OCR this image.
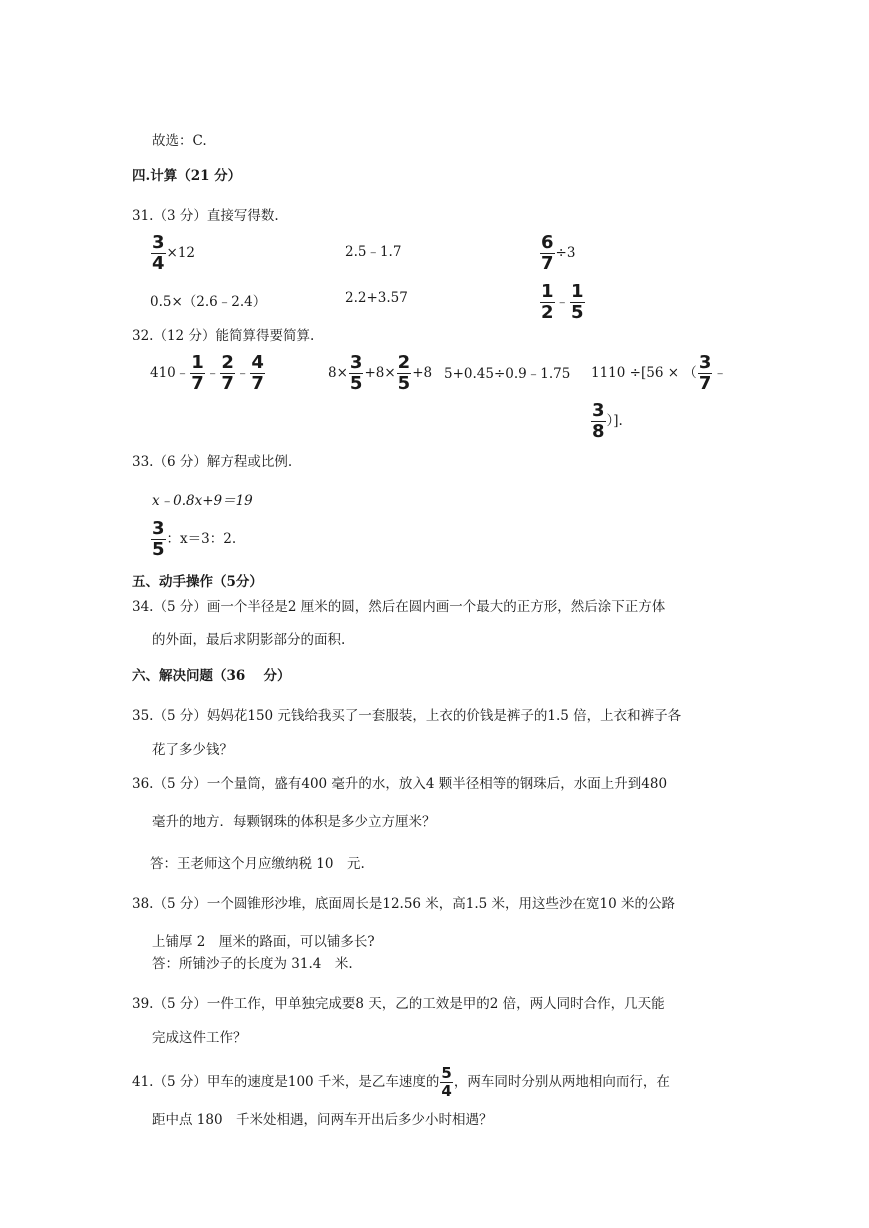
故选：C.
四.计算（21 分）
31.（3 分）直接写得数.
$\frac{3}{4} \times 12$	2.5﹣1.7	$\frac{6}{7} \div 3$
0.5×（2.6﹣2.4）	2.2+3.57	$\frac{1}{2}$ ﹣ $\frac{1}{5}$
32.（12 分）能简算得要简算.
410﹣ $\frac{1}{7}$ ﹣ $\frac{2}{7}$ ﹣ $\frac{4}{7}$	$8\times \frac{3}{5} +8\times \frac{2}{5} +8$ 5+0.45÷0.9﹣1.75 1110 ÷[56 × （ $\frac{3}{7}$ ﹣
$\frac{3}{8}$ ）].
33.（6 分）解方程或比例.
x﹣0.8x+9＝19
$\frac{3}{5}$ ：x＝3：2.
五、动手操作（5分）
34.（5 分）画一个半径是2 厘米的圆，然后在圆内画一个最大的正方形，然后涂下正方体
的外面，最后求阴影部分的面积.
六、解决问题（36　 分）
35.（5 分）妈妈花150 元钱给我买了一套服装，上衣的价钱是裤子的1.5 倍，上衣和裤子各
花了多少钱？
36.（5 分）一个量筒，盛有400 毫升的水，放入4 颗半径相等的钢珠后，水面上升到480
毫升的地方．每颗钢珠的体积是多少立方厘米？
答：王老师这个月应缴纳税 10　元.
38.（5 分）一个圆锥形沙堆，底面周长是12.56 米，高1.5 米，用这些沙在宽10 米的公路
上铺厚 2　厘米的路面，可以铺多长?
答：所铺沙子的长度为 31.4　米.
39.（5 分）一件工作，甲单独完成要8 天，乙的工效是甲的2 倍，两人同时合作，几天能
完成这件工作？
41.（5 分）甲车的速度是100 千米，是乙车速度的 $\frac{5}{4}$ ，两车同时分别从两地相向而行，在
距中点 180　千米处相遇，问两车开出后多少小时相遇？
